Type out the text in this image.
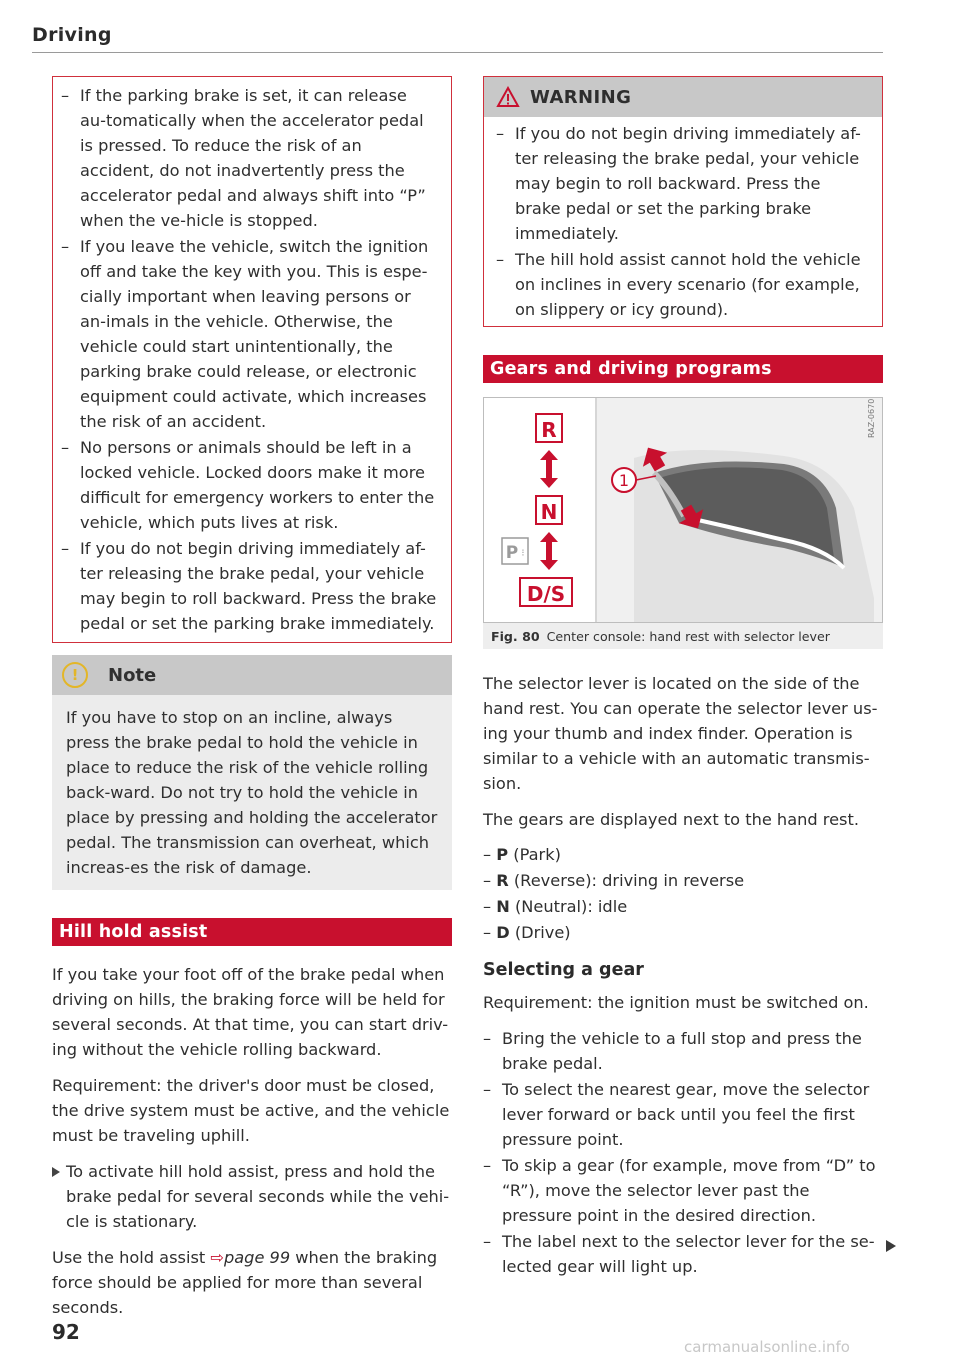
Driving
– If the parking brake is set, it can release au-tomatically when the accelerator pedal is pressed. To reduce the risk of an accident, do not inadvertently press the accelerator pedal and always shift into “P” when the ve-hicle is stopped.
– If you leave the vehicle, switch the ignition off and take the key with you. This is espe-cially important when leaving persons or an-imals in the vehicle. Otherwise, the vehicle could start unintentionally, the parking brake could release, or electronic equipment could activate, which increases the risk of an accident.
– No persons or animals should be left in a locked vehicle. Locked doors make it more difficult for emergency workers to enter the vehicle, which puts lives at risk.
– If you do not begin driving immediately af-ter releasing the brake pedal, your vehicle may begin to roll backward. Press the brake pedal or set the parking brake immediately.
!	Note
If you have to stop on an incline, always press the brake pedal to hold the vehicle in place to reduce the risk of the vehicle rolling back-ward. Do not try to hold the vehicle in place by pressing and holding the accelerator pedal. The transmission can overheat, which increas-es the risk of damage.
Hill hold assist
If you take your foot off of the brake pedal when driving on hills, the braking force will be held for several seconds. At that time, you can start driv-ing without the vehicle rolling backward.
Requirement: the driver's door must be closed, the drive system must be active, and the vehicle must be traveling uphill.
To activate hill hold assist, press and hold the brake pedal for several seconds while the vehi-cle is stationary.
Use the hold assist ⇨page 99 when the braking force should be applied for more than several seconds.
92
WARNING
– If you do not begin driving immediately af-ter releasing the brake pedal, your vehicle may begin to roll backward. Press the brake pedal or set the parking brake immediately.
– The hill hold assist cannot hold the vehicle on inclines in every scenario (for example, on slippery or icy ground).
Gears and driving programs
1
R
N
P ⁝
D/S
RAZ-0670
Fig. 80 Center console: hand rest with selector lever
The selector lever is located on the side of the hand rest. You can operate the selector lever us-ing your thumb and index finder. Operation is similar to a vehicle with an automatic transmis-sion.
The gears are displayed next to the hand rest.
– P (Park)
– R (Reverse): driving in reverse
– N (Neutral): idle
– D (Drive)
Selecting a gear
Requirement: the ignition must be switched on.
– Bring the vehicle to a full stop and press the brake pedal.
– To select the nearest gear, move the selector lever forward or back until you feel the first pressure point.
– To skip a gear (for example, move from “D” to “R”), move the selector lever past the pressure point in the desired direction.
– The label next to the selector lever for the se-lected gear will light up.
carmanualsonline.info
